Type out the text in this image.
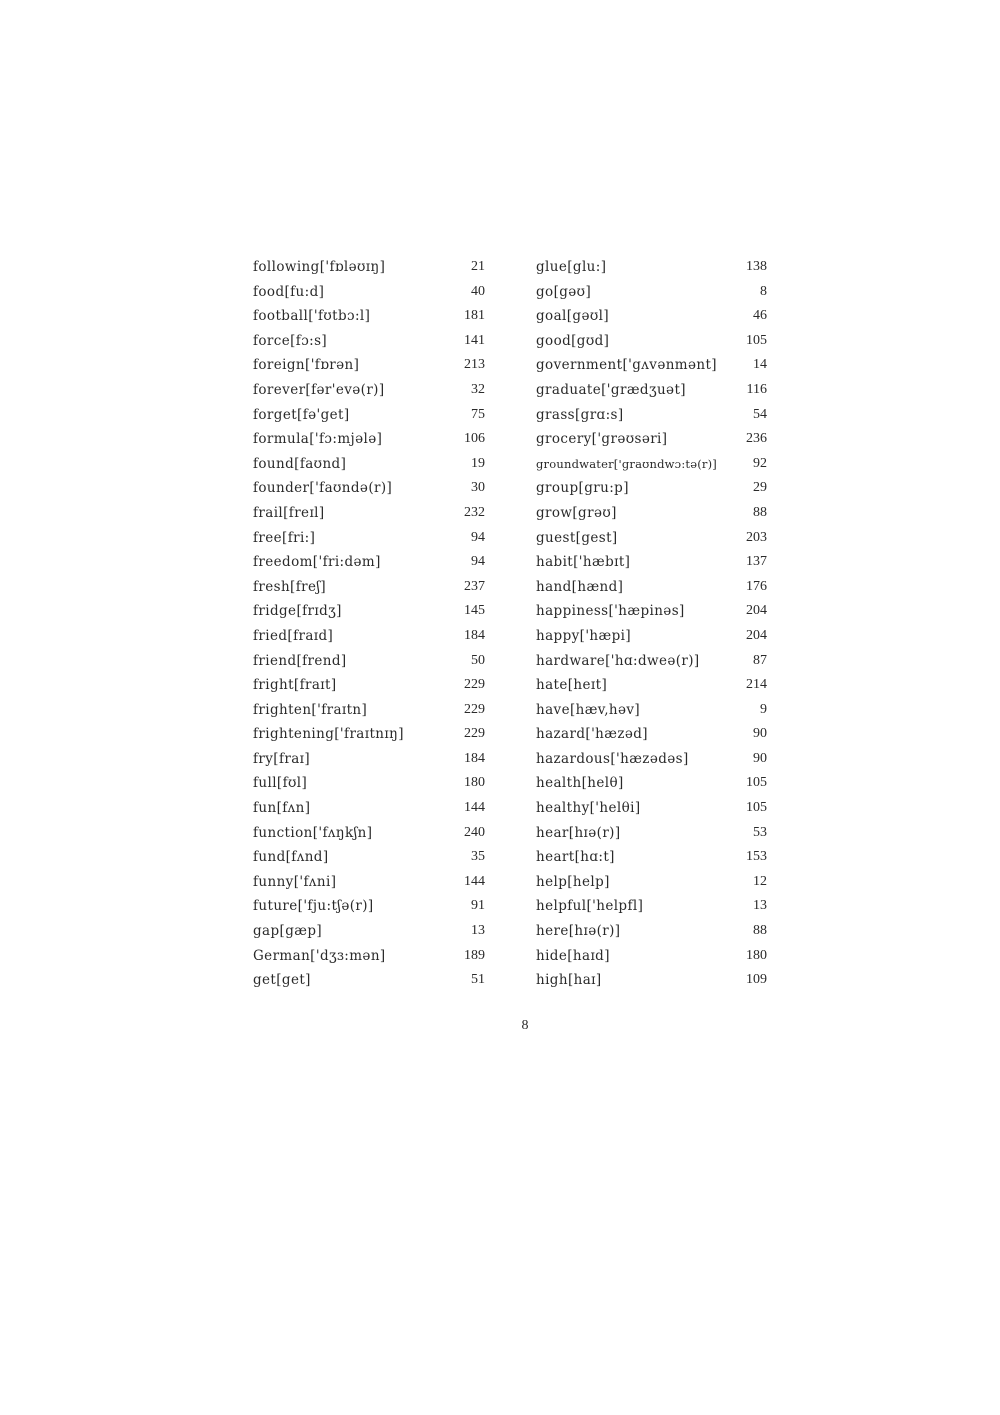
following['fɒləʊɪŋ]	21
food[fu:d]	40
football['fʊtbɔ:l]	181
force[fɔ:s]	141
foreign['fɒrən]	213
forever[fər'evə(r)]	32
forget[fə'get]	75
formula['fɔ:mjələ]	106
found[faʊnd]	19
founder['faʊndə(r)]	30
frail[freɪl]	232
free[fri:]	94
freedom['fri:dəm]	94
fresh[freʃ]	237
fridge[frɪdʒ]	145
fried[fraɪd]	184
friend[frend]	50
fright[fraɪt]	229
frighten['fraɪtn]	229
frightening['fraɪtnɪŋ]	229
fry[fraɪ]	184
full[fʊl]	180
fun[fʌn]	144
function['fʌŋkʃn]	240
fund[fʌnd]	35
funny['fʌni]	144
future['fju:tʃə(r)]	91
gap[gæp]	13
German['dʒɜ:mən]	189
get[get]	51
glue[glu:]	138
go[gəʊ]	8
goal[gəʊl]	46
good[gʊd]	105
government['gʌvənmənt]	14
graduate['grædʒuət]	116
grass[grɑ:s]	54
grocery['grəʊsəri]	236
groundwater['graʊndwɔ:tə(r)]	92
group[gru:p]	29
grow[grəʊ]	88
guest[gest]	203
habit['hæbɪt]	137
hand[hænd]	176
happiness['hæpinəs]	204
happy['hæpi]	204
hardware['hɑ:dweə(r)]	87
hate[heɪt]	214
have[hæv,həv]	9
hazard['hæzəd]	90
hazardous['hæzədəs]	90
health[helθ]	105
healthy['helθi]	105
hear[hɪə(r)]	53
heart[hɑ:t]	153
help[help]	12
helpful['helpfl]	13
here[hɪə(r)]	88
hide[haɪd]	180
high[haɪ]	109
8
